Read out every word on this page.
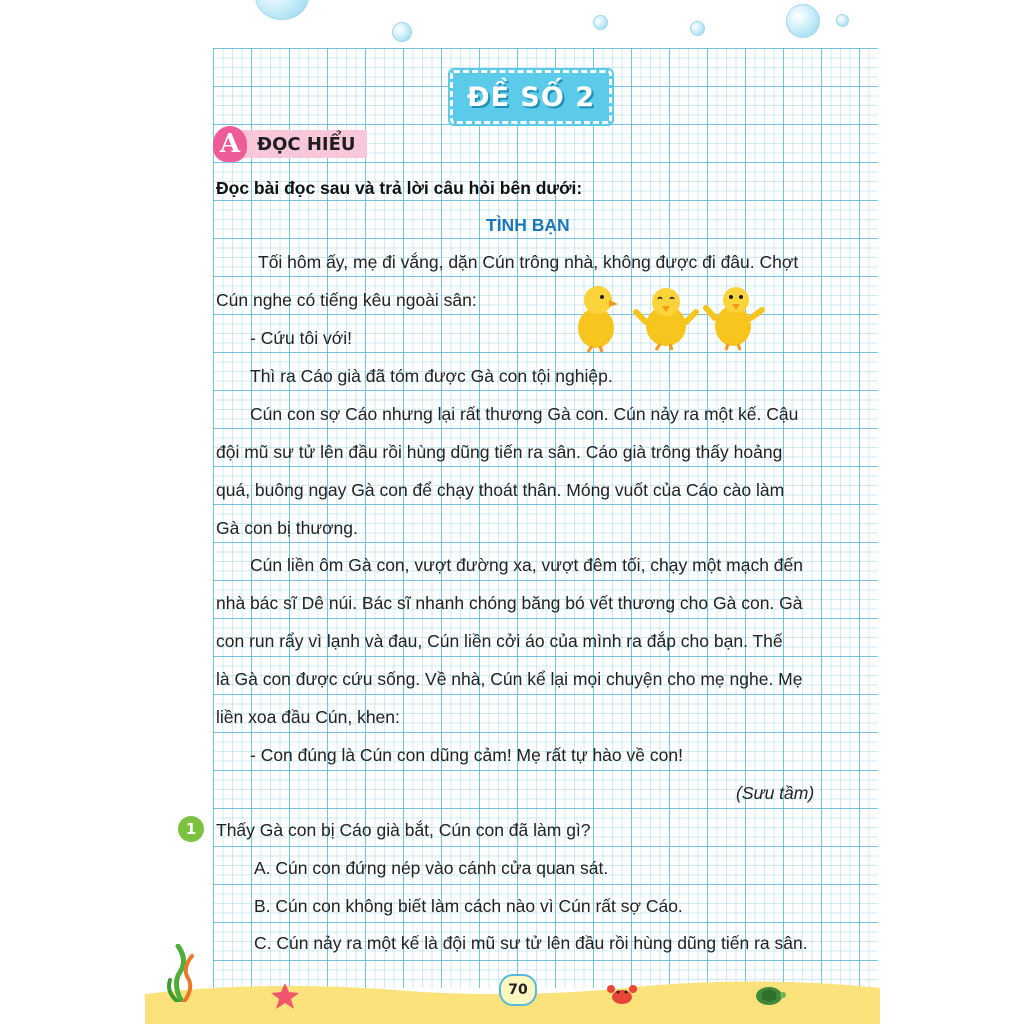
ĐỀ SỐ 2
A ĐỌC HIỂU
Đọc bài đọc sau và trả lời câu hỏi bên dưới:
TÌNH BẠN
Tối hôm ấy, mẹ đi vắng, dặn Cún trông nhà, không được đi đâu. Chợt
Cún nghe có tiếng kêu ngoài sân:
- Cứu tôi với!
Thì ra Cáo già đã tóm được Gà con tội nghiệp.
Cún con sợ Cáo nhưng lại rất thương Gà con. Cún nảy ra một kế. Cậu
đội mũ sư tử lên đầu rồi hùng dũng tiến ra sân. Cáo già trông thấy hoảng
quá, buông ngay Gà con để chạy thoát thân. Móng vuốt của Cáo cào làm
Gà con bị thương.
Cún liền ôm Gà con, vượt đường xa, vượt đêm tối, chạy một mạch đến
nhà bác sĩ Dê núi. Bác sĩ nhanh chóng băng bó vết thương cho Gà con. Gà
con run rẩy vì lạnh và đau, Cún liền cởi áo của mình ra đắp cho bạn. Thế
là Gà con được cứu sống. Về nhà, Cún kể lại mọi chuyện cho mẹ nghe. Mẹ
liền xoa đầu Cún, khen:
- Con đúng là Cún con dũng cảm! Mẹ rất tự hào về con!
(Sưu tầm)
1	Thấy Gà con bị Cáo già bắt, Cún con đã làm gì?
A. Cún con đứng nép vào cánh cửa quan sát.
B. Cún con không biết làm cách nào vì Cún rất sợ Cáo.
C. Cún nảy ra một kế là đội mũ sư tử lên đầu rồi hùng dũng tiến ra sân.
70
